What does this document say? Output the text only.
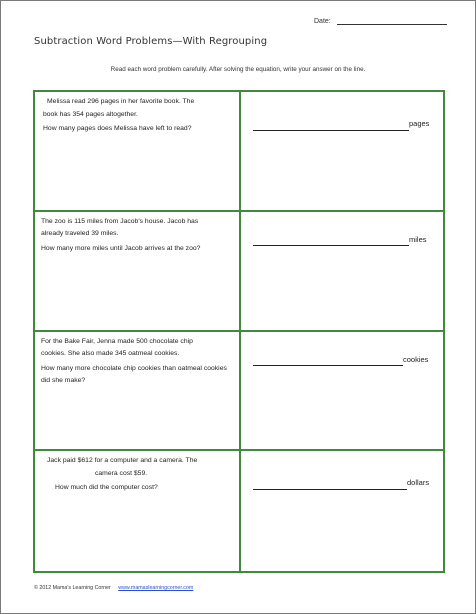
Date:
Subtraction Word Problems—With Regrouping
Read each word problem carefully. After solving the equation, write your answer on the line.

Melissa read 296 pages in her favorite book. The

book has 354 pages altogether.

How many pages does Melissa have left to read?

pages

The zoo is 115 miles from Jacob's house. Jacob has

already traveled 39 miles.

How many more miles until Jacob arrives at the zoo?

miles

For the Bake Fair, Jenna made 500 chocolate chip

cookies. She also made 345 oatmeal cookies.

How many more chocolate chip cookies than oatmeal cookies did she make?

cookies

Jack paid $612 for a computer and a camera. The

camera cost $59.

How much did the computer cost?

dollars
© 2012 Mama's Learning Corner www.mamaslearningcorner.com
